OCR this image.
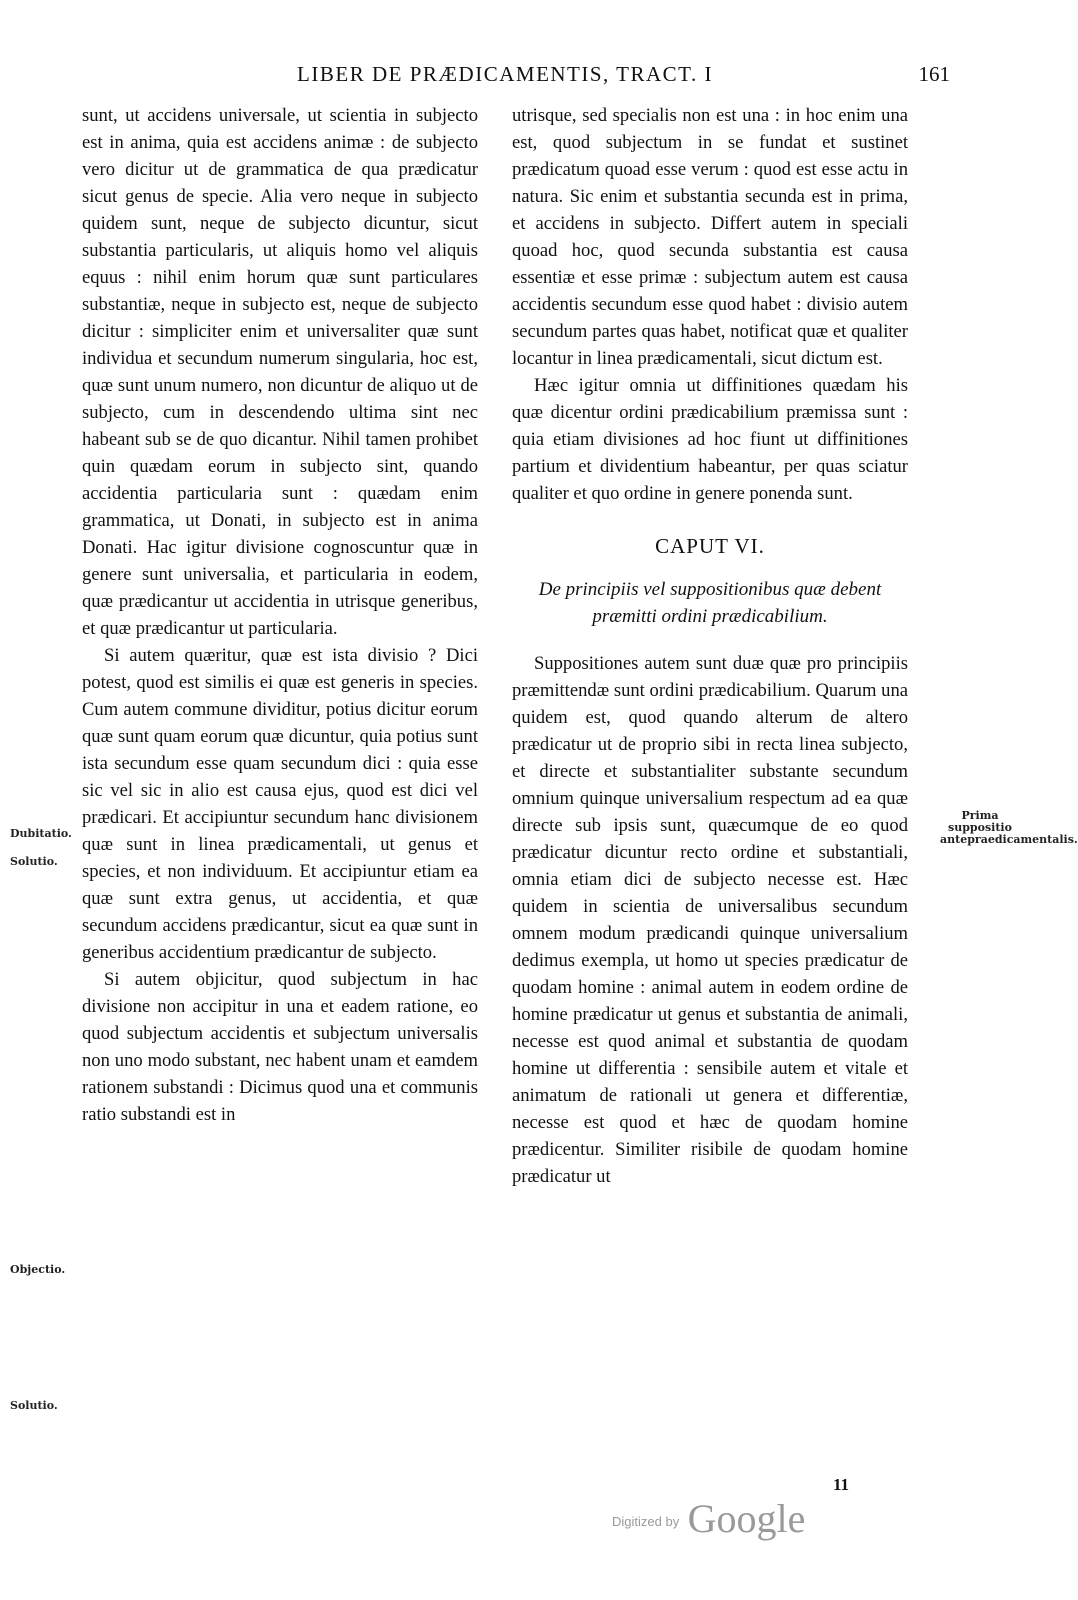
LIBER DE PRÆDICAMENTIS, TRACT. I	161

sunt, ut accidens universale, ut scientia in subjecto est in anima, quia est accidens animæ : de subjecto vero dicitur ut de grammatica de qua prædicatur sicut genus de specie. Alia vero neque in subjecto quidem sunt, neque de subjecto dicuntur, sicut substantia particularis, ut aliquis homo vel aliquis equus : nihil enim horum quæ sunt particulares substantiæ, neque in subjecto est, neque de subjecto dicitur : simpliciter enim et universaliter quæ sunt individua et secundum numerum singularia, hoc est, quæ sunt unum numero, non dicuntur de aliquo ut de subjecto, cum in descendendo ultima sint nec habeant sub se de quo dicantur. Nihil tamen prohibet quin quædam eorum in subjecto sint, quando accidentia particularia sunt : quædam enim grammatica, ut Donati, in subjecto est in anima Donati. Hac igitur divisione cognoscuntur quæ in genere sunt universalia, et particularia in eodem, quæ prædicantur ut accidentia in utrisque generibus, et quæ prædicantur ut particularia.

Si autem quæritur, quæ est ista divisio ? Dici potest, quod est similis ei quæ est generis in species. Cum autem commune dividitur, potius dicitur eorum quæ sunt quam eorum quæ dicuntur, quia potius sunt ista secundum esse quam secundum dici : quia esse sic vel sic in alio est causa ejus, quod est dici vel prædicari. Et accipiuntur secundum hanc divisionem quæ sunt in linea prædicamentali, ut genus et species, et non individuum. Et accipiuntur etiam ea quæ sunt extra genus, ut accidentia, et quæ secundum accidens prædicantur, sicut ea quæ sunt in generibus accidentium prædicantur de subjecto.

Si autem objicitur, quod subjectum in hac divisione non accipitur in una et eadem ratione, eo quod subjectum accidentis et subjectum universalis non uno modo substant, nec habent unam et eamdem rationem substandi : Dicimus quod una et communis ratio substandi est in

utrisque, sed specialis non est una : in hoc enim una est, quod subjectum in se fundat et sustinet prædicatum quoad esse verum : quod est esse actu in natura. Sic enim et substantia secunda est in prima, et accidens in subjecto. Differt autem in speciali quoad hoc, quod secunda substantia est causa essentiæ et esse primæ : subjectum autem est causa accidentis secundum esse quod habet : divisio autem secundum partes quas habet, notificat quæ et qualiter locantur in linea prædicamentali, sicut dictum est.

Hæc igitur omnia ut diffinitiones quædam his quæ dicentur ordini prædicabilium præmissa sunt : quia etiam divisiones ad hoc fiunt ut diffinitiones partium et dividentium habeantur, per quas sciatur qualiter et quo ordine in genere ponenda sunt.

CAPUT VI.
De principiis vel suppositionibus quæ debent præmitti ordini prædicabilium.

Suppositiones autem sunt duæ quæ pro principiis præmittendæ sunt ordini prædicabilium. Quarum una quidem est, quod quando alterum de altero prædicatur ut de proprio sibi in recta linea subjecto, et directe et substantialiter substante secundum omnium quinque universalium respectum ad ea quæ directe sub ipsis sunt, quæcumque de eo quod prædicatur dicuntur recto ordine et substantiali, omnia etiam dici de subjecto necesse est. Hæc quidem in scientia de universalibus secundum omnem modum prædicandi quinque universalium dedimus exempla, ut homo ut species prædicatur de quodam homine : animal autem in eodem ordine de homine prædicatur ut genus et substantia de animali, necesse est quod animal et substantia de quodam homine ut differentia : sensibile autem et vitale et animatum de rationali ut genera et differentiæ, necesse est quod et hæc de quodam homine prædicentur. Similiter risibile de quodam homine prædicatur ut

Dubitatio.
Solutio.
Objectio.
Solutio.
Prima suppositio antepraedicamentalis.
11
$^{Digitized by}$ Google
